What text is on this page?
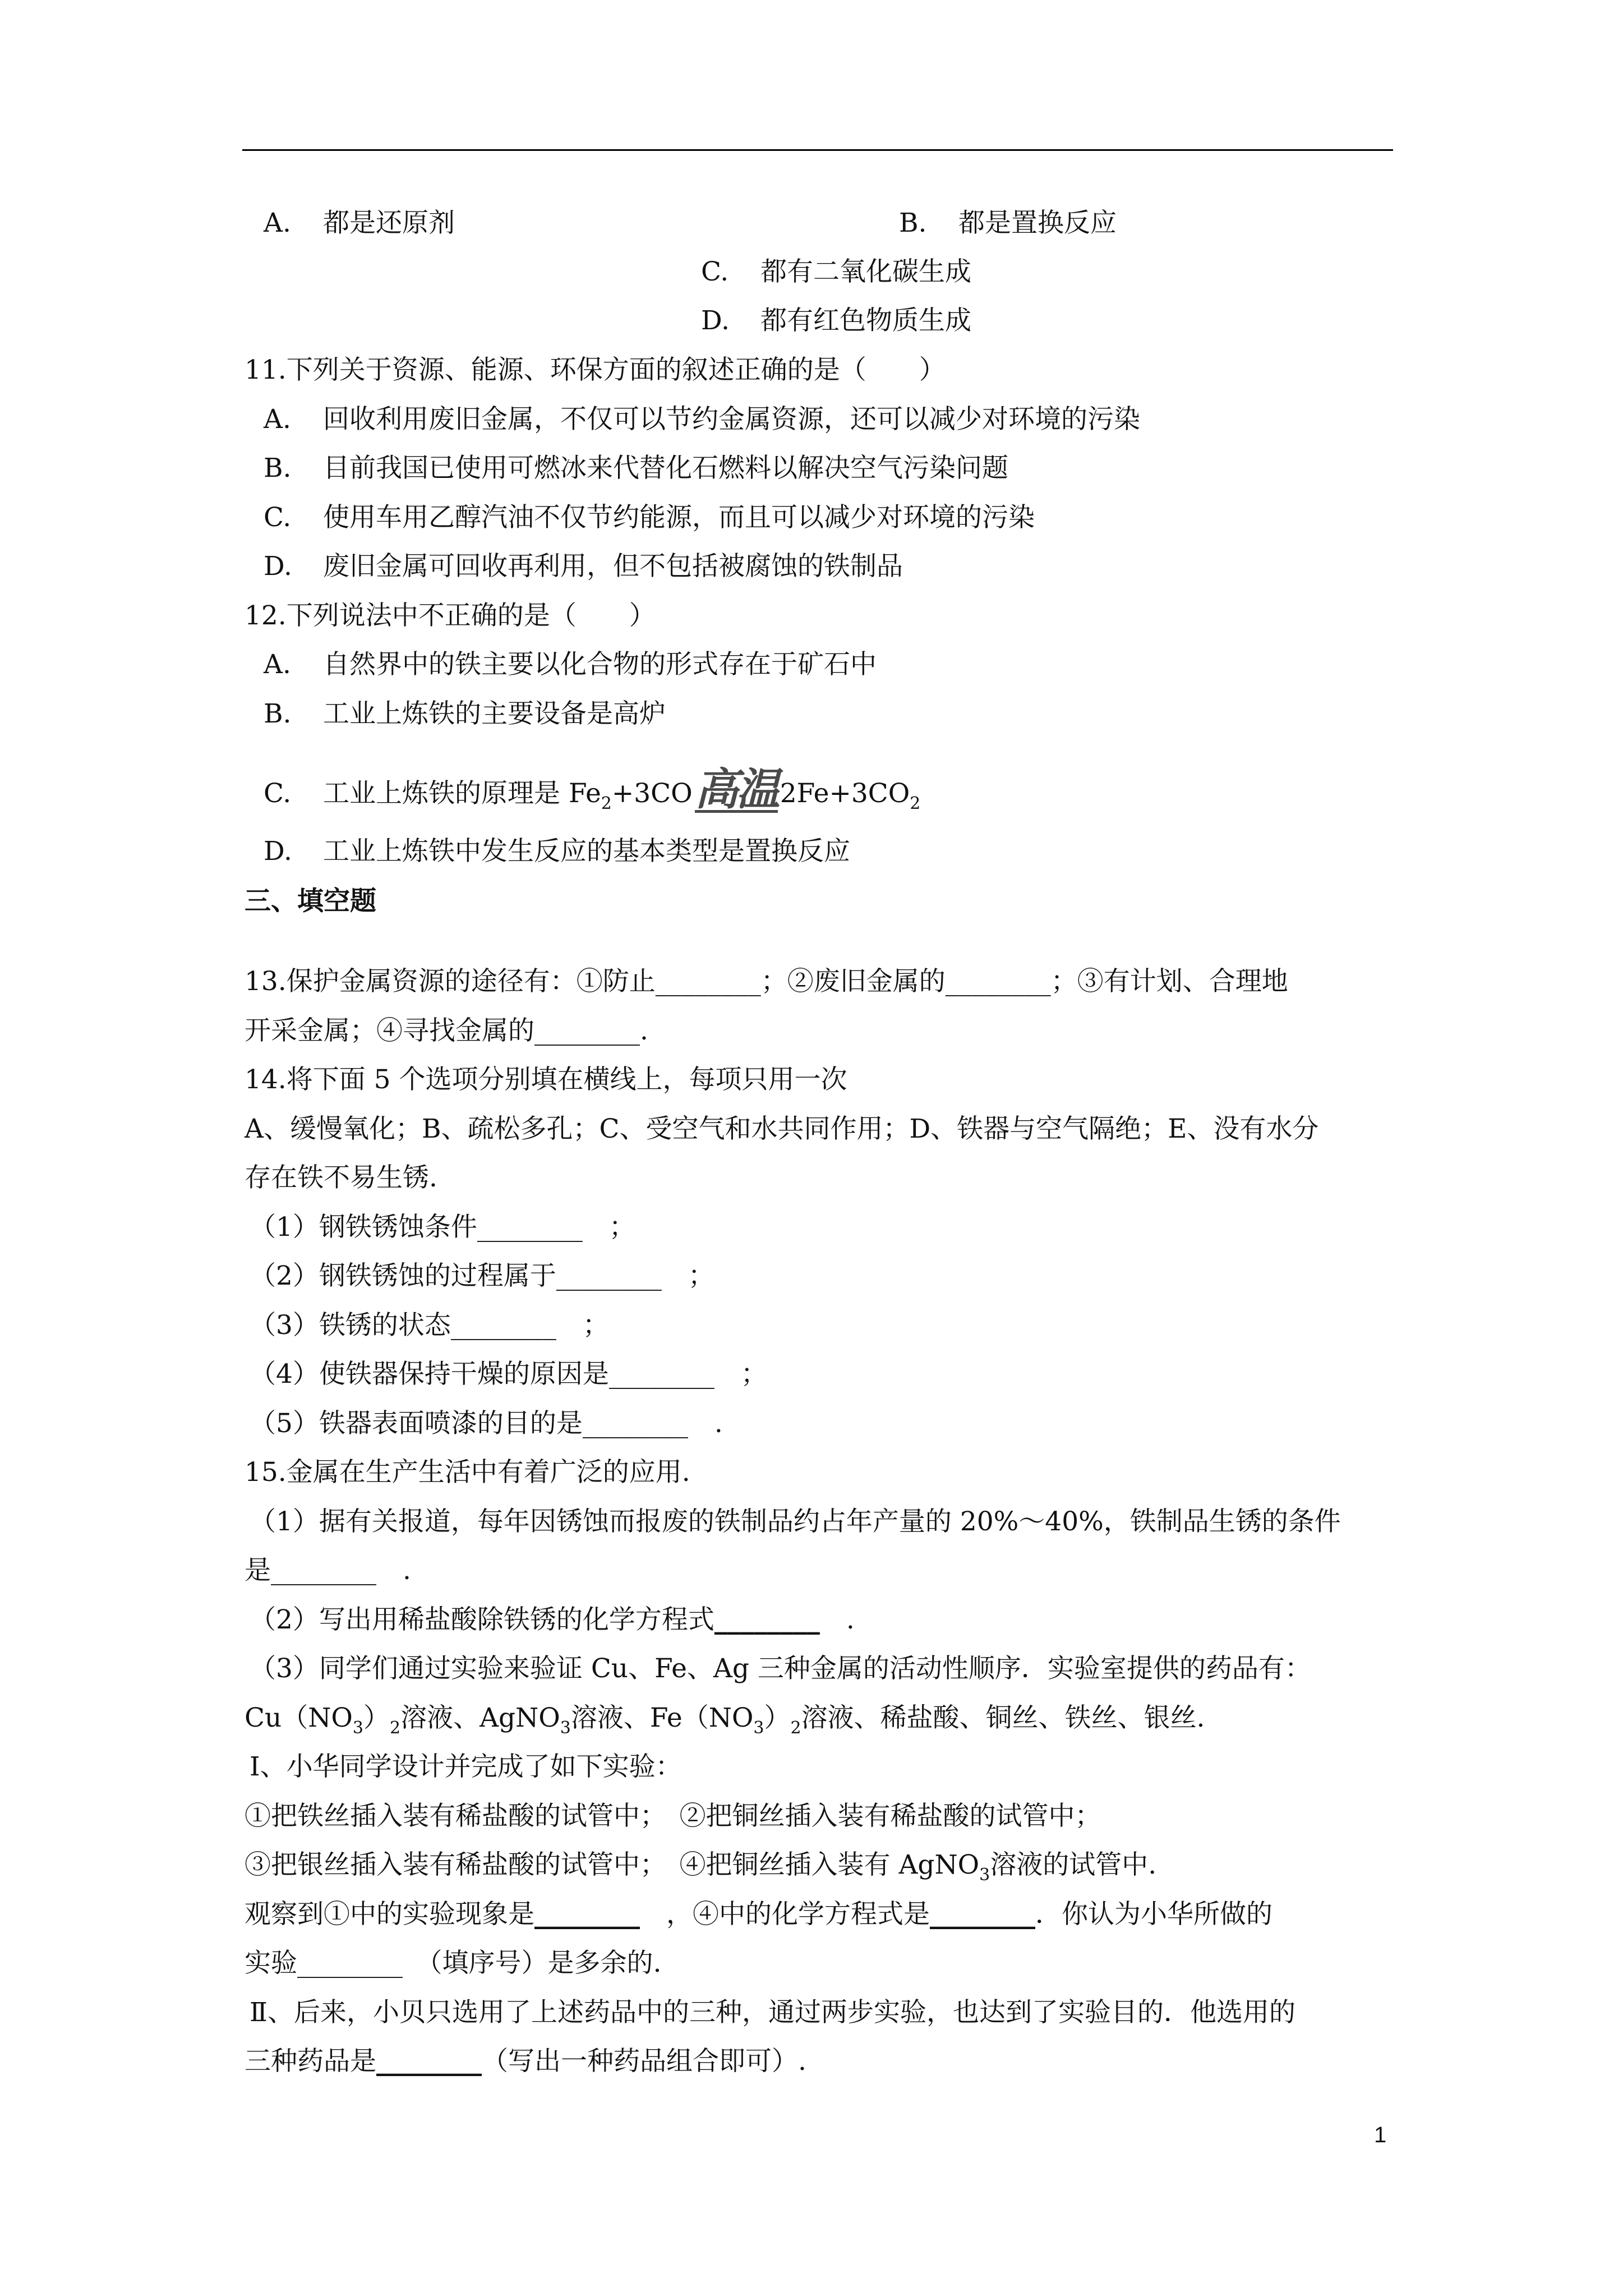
A. 都是还原剂	B. 都是置换反应
C. 都有二氧化碳生成
D. 都有红色物质生成
11.下列关于资源、能源、环保方面的叙述正确的是（　　）
A. 回收利用废旧金属，不仅可以节约金属资源，还可以减少对环境的污染
B. 目前我国已使用可燃冰来代替化石燃料以解决空气污染问题
C. 使用车用乙醇汽油不仅节约能源，而且可以减少对环境的污染
D. 废旧金属可回收再利用，但不包括被腐蚀的铁制品
12.下列说法中不正确的是（　　）
A. 自然界中的铁主要以化合物的形式存在于矿石中
B. 工业上炼铁的主要设备是高炉
C. 工业上炼铁的原理是 $Fe_2+3CO$高温$2Fe+3CO_2$
D. 工业上炼铁中发生反应的基本类型是置换反应
三、填空题
13.保护金属资源的途径有：①防止________；②废旧金属的________；③有计划、合理地
开采金属；④寻找金属的________.
14.将下面 5 个选项分别填在横线上，每项只用一次
A、缓慢氧化；B、疏松多孔；C、受空气和水共同作用；D、铁器与空气隔绝；E、没有水分
存在铁不易生锈.
（1）钢铁锈蚀条件________　；
（2）钢铁锈蚀的过程属于________　；
（3）铁锈的状态________　；
（4）使铁器保持干燥的原因是________　；
（5）铁器表面喷漆的目的是________　.
15.金属在生产生活中有着广泛的应用.
（1）据有关报道，每年因锈蚀而报废的铁制品约占年产量的 20%～40%，铁制品生锈的条件
是________　.
（2）写出用稀盐酸除铁锈的化学方程式________　.
（3）同学们通过实验来验证 Cu、Fe、Ag 三种金属的活动性顺序．实验室提供的药品有：
$Cu(NO_3)_2$溶液、AgNO$_3$溶液、$Fe(NO_3)_2$溶液、稀盐酸、铜丝、铁丝、银丝.
Ⅰ、小华同学设计并完成了如下实验：
①把铁丝插入装有稀盐酸的试管中；　②把铜丝插入装有稀盐酸的试管中；
③把银丝插入装有稀盐酸的试管中；　④把铜丝插入装有 AgNO$_3$溶液的试管中.
观察到①中的实验现象是________　，④中的化学方程式是________．你认为小华所做的
实验________　（填序号）是多余的.
Ⅱ、后来，小贝只选用了上述药品中的三种，通过两步实验，也达到了实验目的．他选用的
三种药品是________（写出一种药品组合即可）.
1
